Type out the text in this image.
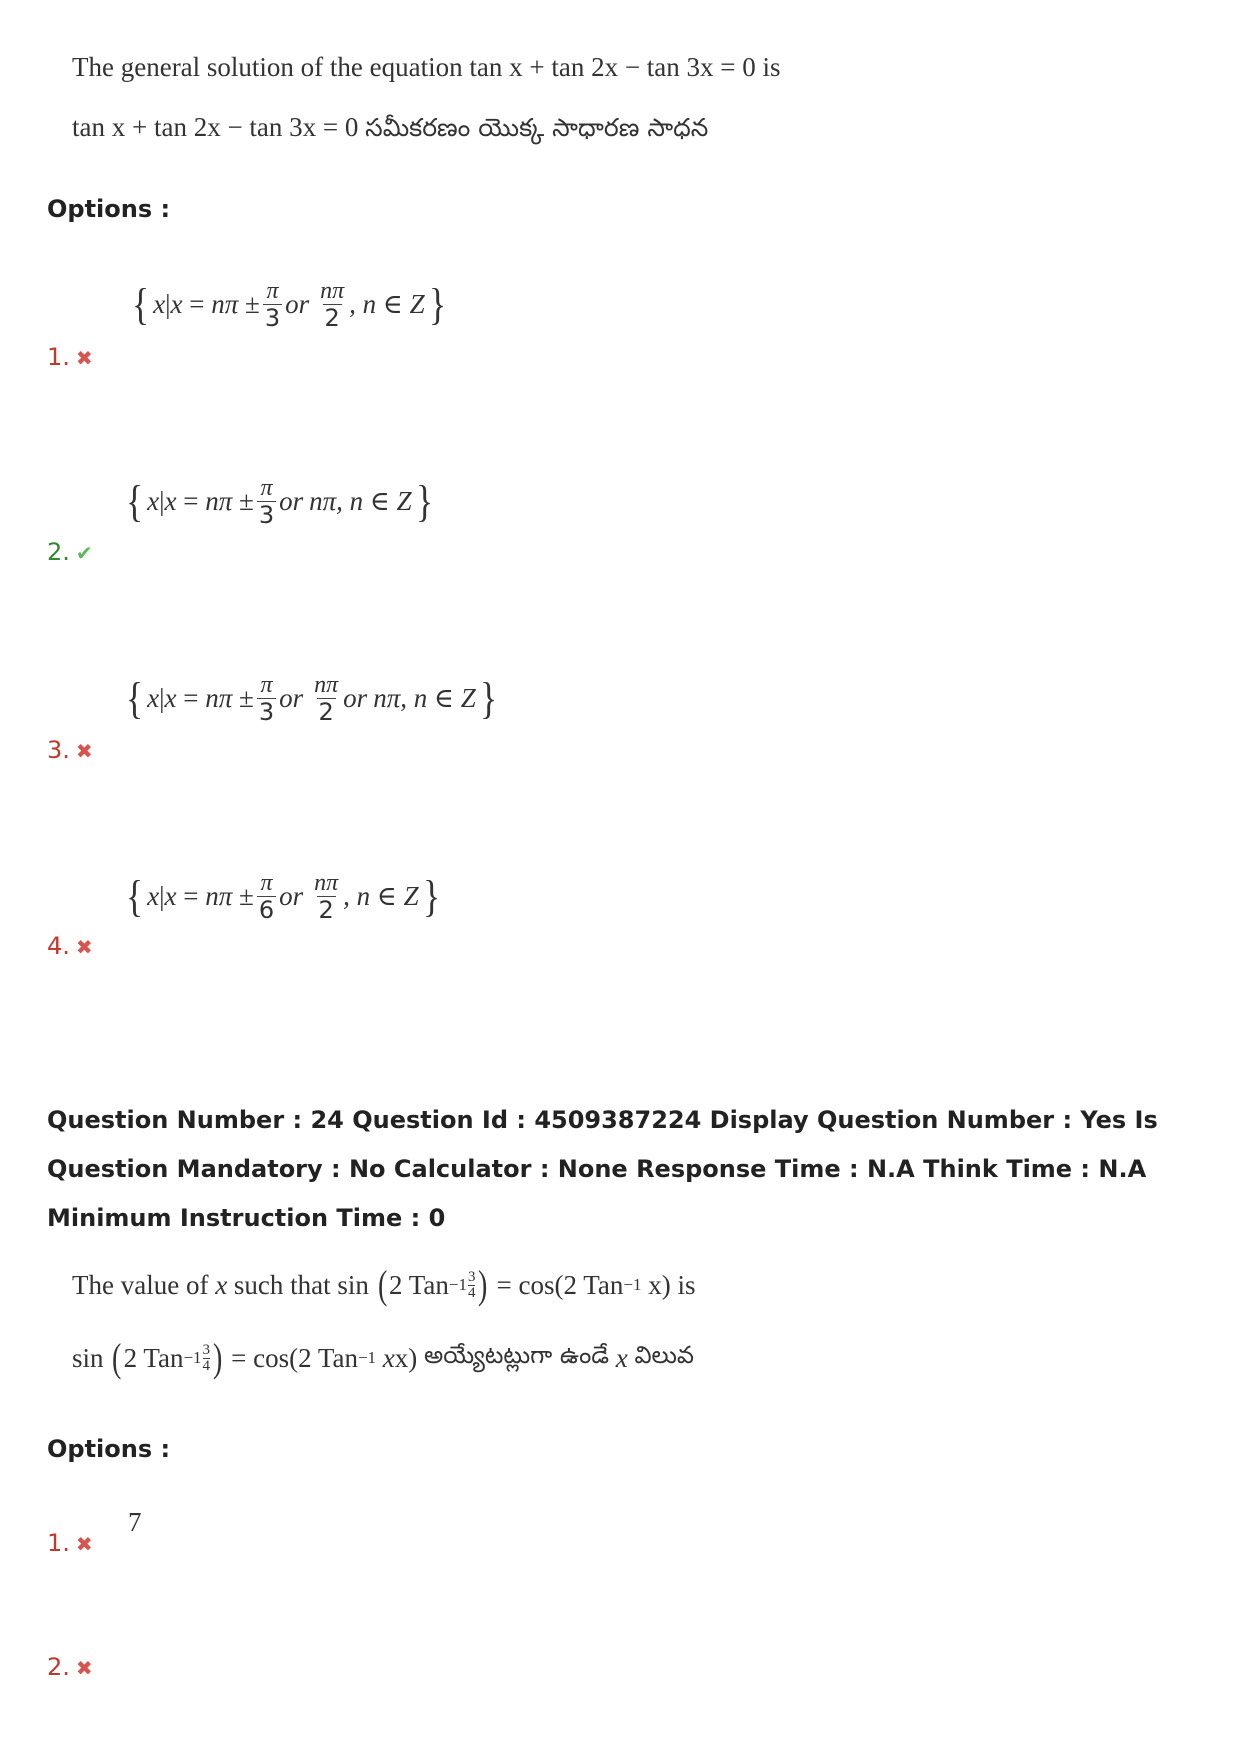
The general solution of the equation tan x + tan 2x − tan 3x = 0 is
tan x + tan 2x − tan 3x = 0 సమీకరణం యొక్క సాధారణ సాధన
Options :
{ x | $x = n\pi \pm \frac{\pi}{3}$ or $\frac{n\pi}{2}$ , n ∈ Z }
1. ✖
{ x | $x = n\pi \pm \frac{\pi}{3}$ or nπ, n ∈ Z }
2. ✔
{ x | $x = n\pi \pm \frac{\pi}{3}$ or $\frac{n\pi}{2}$ or nπ, n ∈ Z }
3. ✖
{ x | $x = n\pi \pm \frac{\pi}{6}$ or $\frac{n\pi}{2}$ , n ∈ Z }
4. ✖
Question Number : 24 Question Id : 4509387224 Display Question Number : Yes Is Question Mandatory : No Calculator : None Response Time : N.A Think Time : N.A Minimum Instruction Time : 0
The value of
x
such that sin
( 2 Tan −1 3
4 )
= cos(2 Tan −1
x) is
sin
( 2 Tan −1 3
4 )
= cos(2 Tan −1
x x)
అయ్యేటట్లుగా ఉండే
x
విలువ
Options :
7
1. ✖
2. ✖
